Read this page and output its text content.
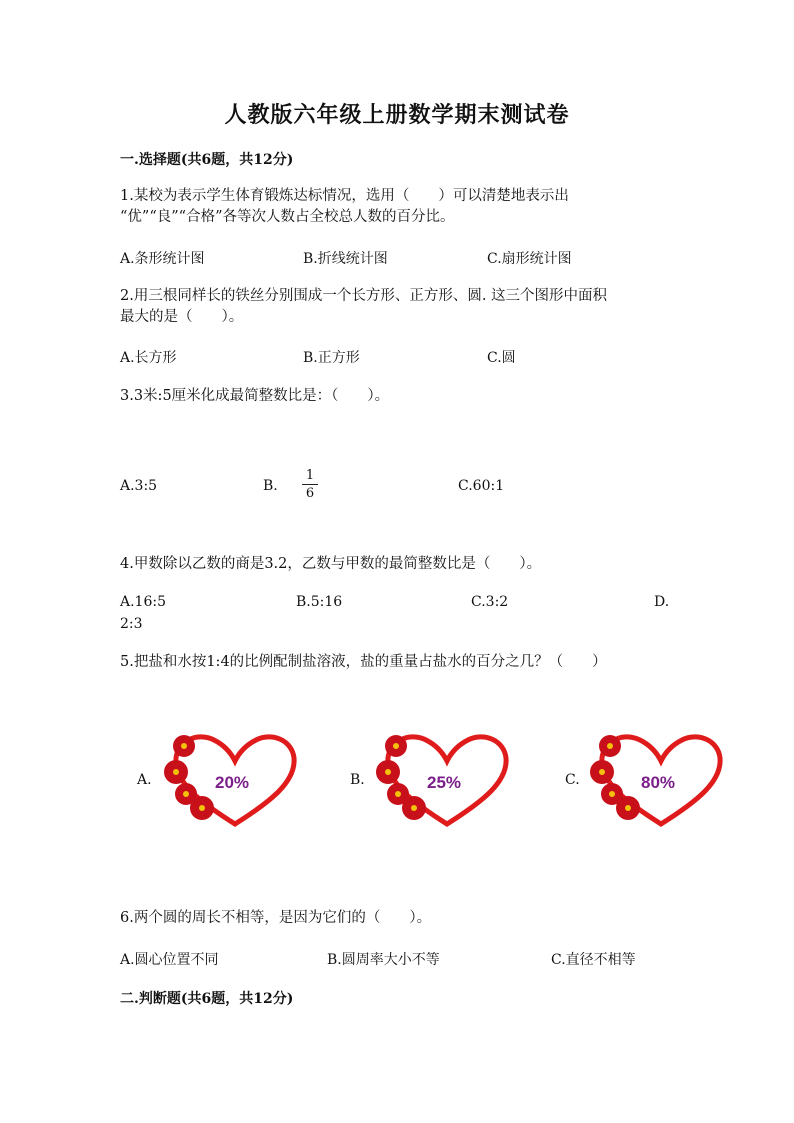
人教版六年级上册数学期末测试卷
一.选择题(共6题，共12分)
1.某校为表示学生体育锻炼达标情况，选用（　　）可以清楚地表示出
“优”“良”“合格”各等次人数占全校总人数的百分比。
A.条形统计图	B.折线统计图	C.扇形统计图
2.用三根同样长的铁丝分别围成一个长方形、正方形、圆. 这三个图形中面积
最大的是（　　）。
A.长方形	B.正方形	C.圆
3.3米:5厘米化成最简整数比是：（　　）。
A.3:5	B.
1
6	C.60:1
4.甲数除以乙数的商是3.2，乙数与甲数的最简整数比是（　　）。
A.16:5	B.5:16	C.3:2	D.
2:3
5.把盐和水按1:4的比例配制盐溶液，盐的重量占盐水的百分之几？（　　）
A.	20%	B.	25%	C.	80%
6.两个圆的周长不相等，是因为它们的（　　）。
A.圆心位置不同	B.圆周率大小不等	C.直径不相等
二.判断题(共6题，共12分)
